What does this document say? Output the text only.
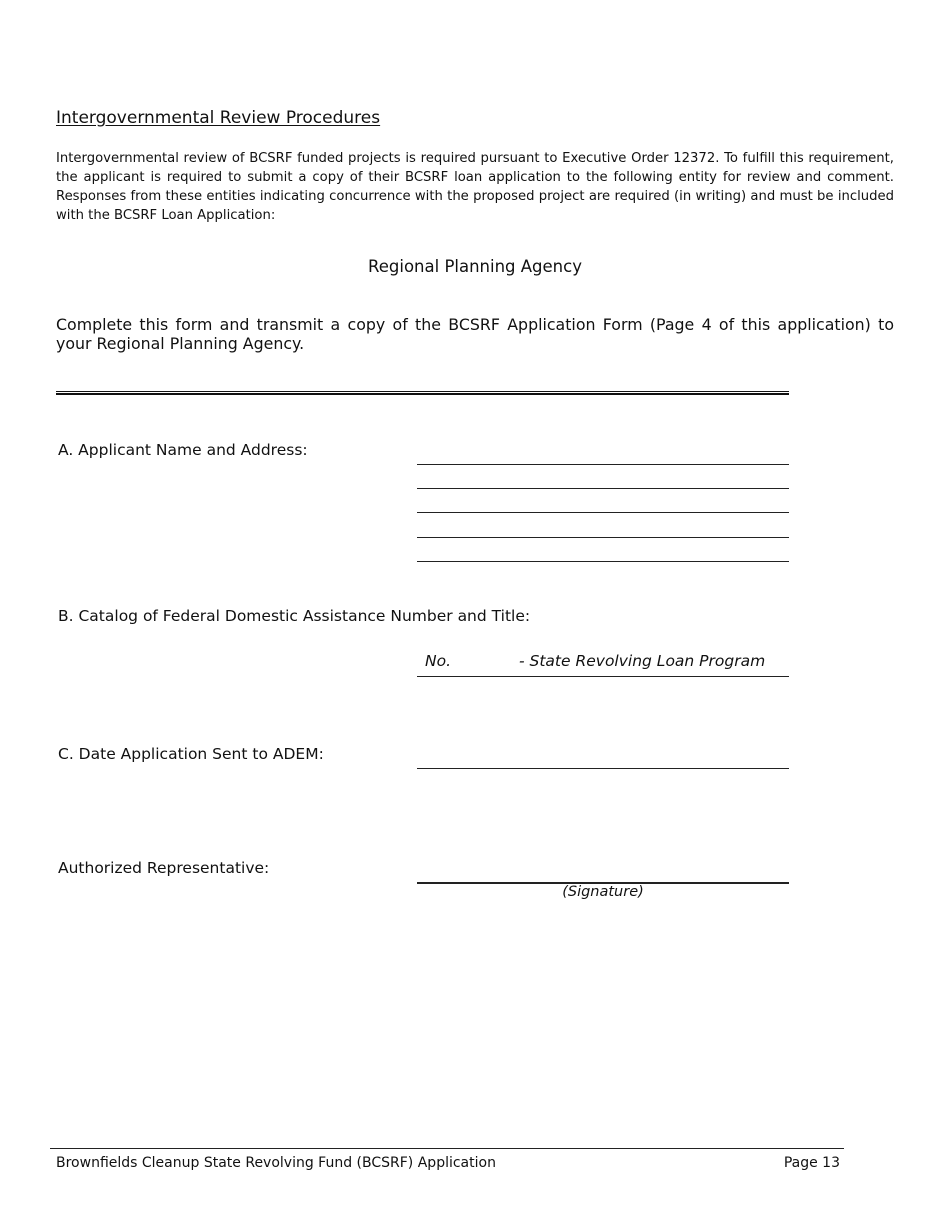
Intergovernmental Review Procedures
Intergovernmental review of BCSRF funded projects is required pursuant to Executive Order 12372. To fulfill this requirement, the applicant is required to submit a copy of their BCSRF loan application to the following entity for review and comment. Responses from these entities indicating concurrence with the proposed project are required (in writing) and must be included with the BCSRF Loan Application:
Regional Planning Agency
Complete this form and transmit a copy of the BCSRF Application Form (Page 4 of this application) to your Regional Planning Agency.
A. Applicant Name and Address:
B. Catalog of Federal Domestic Assistance Number and Title:
No.	- State Revolving Loan Program
C. Date Application Sent to ADEM:
Authorized Representative:
(Signature)
Brownfields Cleanup State Revolving Fund (BCSRF) Application	Page 13
